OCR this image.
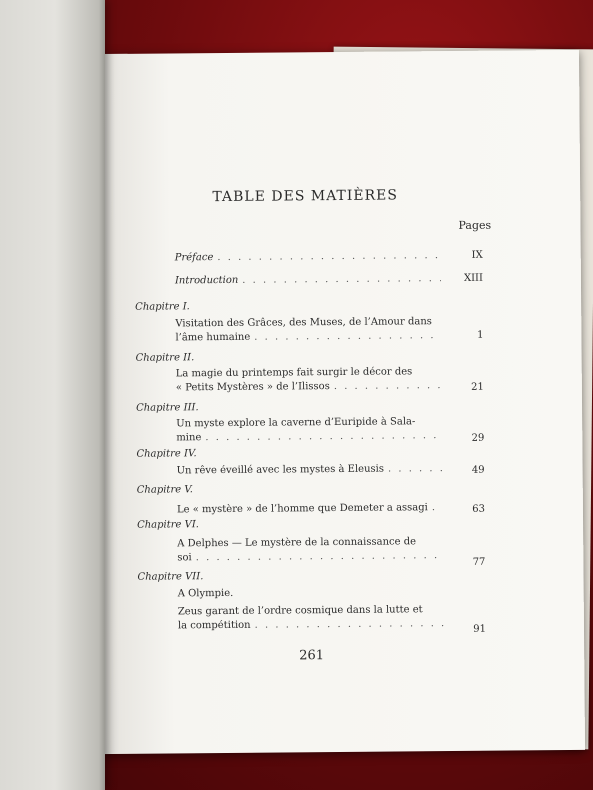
TABLE DES MATIÈRES
Pages
Préface . . .	IX
Introduction . . .	XIII
Chapitre I.
Visitation des Grâces, des Muses, de l’Amour dans
l’âme humaine . . .	1
Chapitre II.
La magie du printemps fait surgir le décor des
« Petits Mystères » de l’Ilissos . . .	21
Chapitre III.
Un myste explore la caverne d’Euripide à Sala-
mine . . .	29
Chapitre IV.
Un rêve éveillé avec les mystes à Eleusis . . .	49
Chapitre V.
Le « mystère » de l’homme que Demeter a assagi . . .	63
Chapitre VI.
A Delphes — Le mystère de la connaissance de
soi . . .	77
Chapitre VII.
A Olympie.
Zeus garant de l’ordre cosmique dans la lutte et
la compétition . . .	91
261
